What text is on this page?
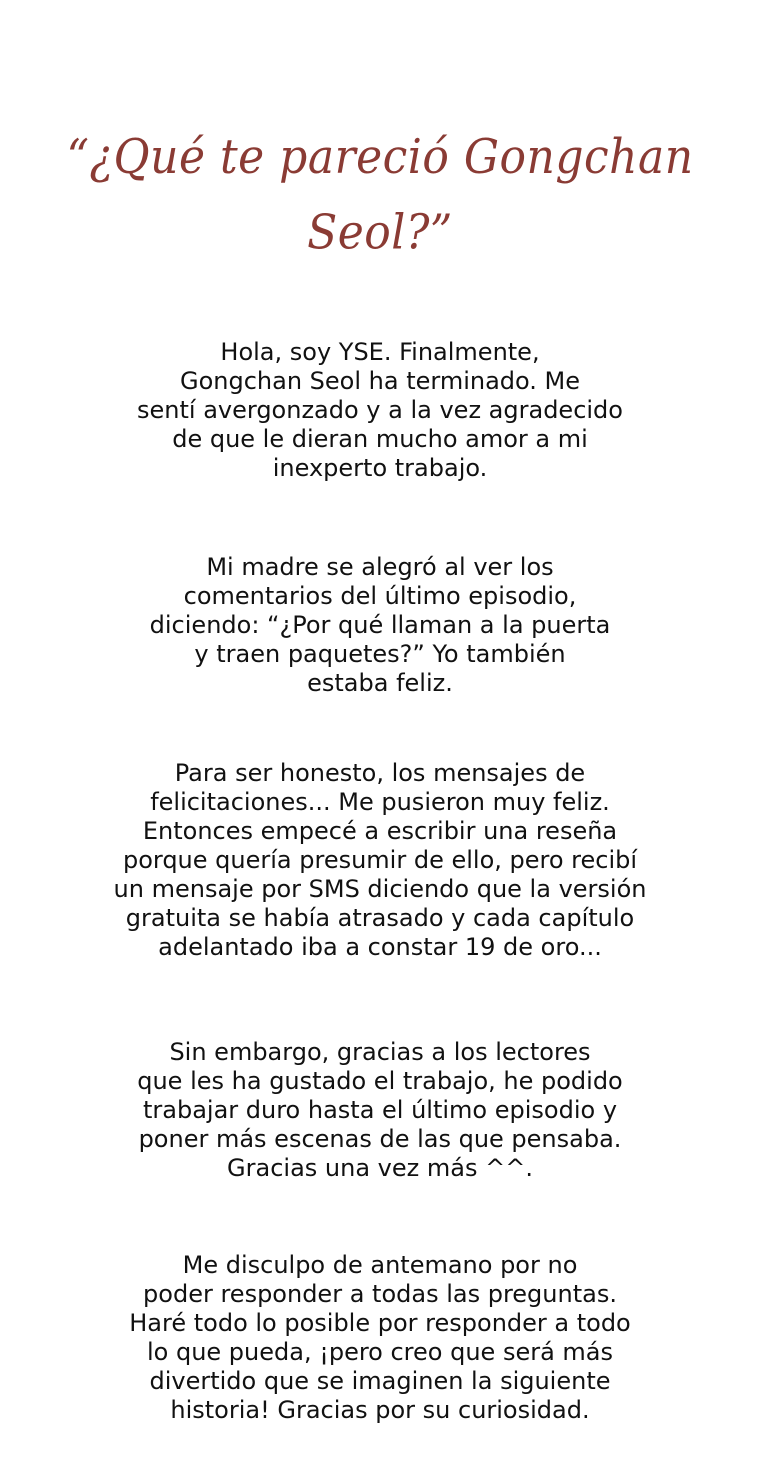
“¿Qué te pareció Gongchan Seol?”
Hola, soy YSE. Finalmente,
Gongchan Seol ha terminado. Me
sentí avergonzado y a la vez agradecido
de que le dieran mucho amor a mi
inexperto trabajo.
Mi madre se alegró al ver los
comentarios del último episodio,
diciendo: “¿Por qué llaman a la puerta
y traen paquetes?” Yo también
estaba feliz.
Para ser honesto, los mensajes de
felicitaciones... Me pusieron muy feliz.
Entonces empecé a escribir una reseña
porque quería presumir de ello, pero recibí
un mensaje por SMS diciendo que la versión
gratuita se había atrasado y cada capítulo
adelantado iba a constar 19 de oro...
Sin embargo, gracias a los lectores
que les ha gustado el trabajo, he podido
trabajar duro hasta el último episodio y
poner más escenas de las que pensaba.
Gracias una vez más ^^.
Me disculpo de antemano por no
poder responder a todas las preguntas.
Haré todo lo posible por responder a todo
lo que pueda, ¡pero creo que será más
divertido que se imaginen la siguiente
historia! Gracias por su curiosidad.
